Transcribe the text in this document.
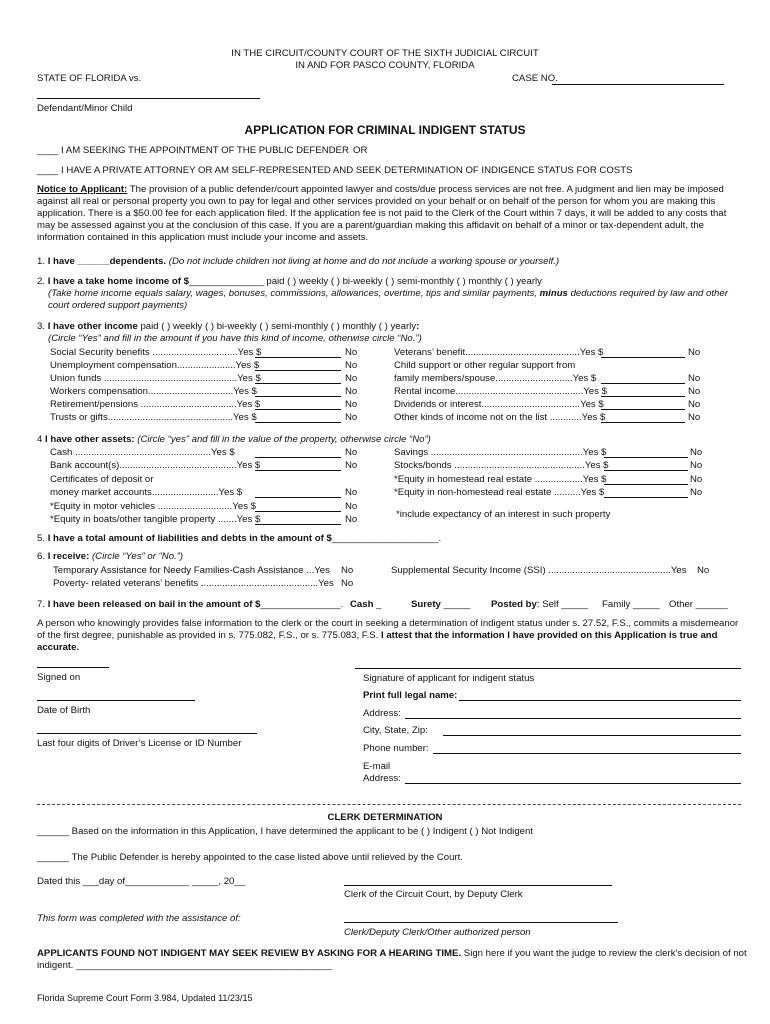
IN THE CIRCUIT/COUNTY COURT OF THE SIXTH JUDICIAL CIRCUIT
IN AND FOR PASCO COUNTY, FLORIDA
STATE OF FLORIDA vs.	CASE NO.
Defendant/Minor Child
APPLICATION FOR CRIMINAL INDIGENT STATUS
____ I AM SEEKING THE APPOINTMENT OF THE PUBLIC DEFENDER OR
____ I HAVE A PRIVATE ATTORNEY OR AM SELF-REPRESENTED AND SEEK DETERMINATION OF INDIGENCE STATUS FOR COSTS
Notice to Applicant: The provision of a public defender/court appointed lawyer and costs/due process services are not free. A judgment and lien may be imposed against all real or personal property you own to pay for legal and other services provided on your behalf or on behalf of the person for whom you are making this application. There is a $50.00 fee for each application filed. If the application fee is not paid to the Clerk of the Court within 7 days, it will be added to any costs that may be assessed against you at the conclusion of this case. If you are a parent/guardian making this affidavit on behalf of a minor or tax-dependent adult, the information contained in this application must include your income and assets.
1. I have ______dependents. (Do not include children not living at home and do not include a working spouse or yourself.)
2. I have a take home income of $______________ paid ( ) weekly ( ) bi-weekly ( ) semi-monthly ( ) monthly ( ) yearly
(Take home income equals salary, wages, bonuses, commissions, allowances, overtime, tips and similar payments, minus deductions required by law and other court ordered support payments)
3. I have other income paid ( ) weekly ( ) bi-weekly ( ) semi-monthly ( ) monthly ( ) yearly:
(Circle “Yes” and fill in the amount if you have this kind of income, otherwise circle “No.”)
Social Security benefits ................................Yes $	No
Unemployment compensation......................Yes $	No
Union funds ..................................................Yes $	No
Workers compensation................................Yes $	No
Retirement/pensions ....................................Yes $	No
Trusts or gifts...............................................Yes $	No
Veterans’ benefit...........................................Yes $	No
Child support or other regular support from
family members/spouse.............................Yes $	No
Rental income................................................Yes $	No
Dividends or interest.....................................Yes $	No
Other kinds of income not on the list ............Yes $	No
4 I have other assets: (Circle “yes” and fill in the value of the property, otherwise circle “No”)
Cash ...................................................Yes $	No
Bank account(s)............................................Yes $	No
Certificates of deposit or
money market accounts.........................Yes $	No
*Equity in motor vehicles ............................Yes $	No
*Equity in boats/other tangible property .......Yes $	No
Savings .........................................................Yes $	No
Stocks/bonds .................................................Yes $	No
*Equity in homestead real estate ..................Yes $	No
*Equity in non-homestead real estate ..........Yes $	No
*include expectancy of an interest in such property
5. I have a total amount of liabilities and debts in the amount of $____________________.
6. I receive: (Circle “Yes” or “No.”)
Temporary Assistance for Needy Families-Cash Assistance ...Yes No
Poverty- related veterans’ benefits ............................................Yes No
Supplemental Security Income (SSI) ..............................................Yes No
7. I have been released on bail in the amount of $_______________. Cash _	Surety _____ Posted by: Self _____ Family _____ Other ______
A person who knowingly provides false information to the clerk or the court in seeking a determination of indigent status under s. 27.52, F.S., commits a misdemeanor of the first degree, punishable as provided in s. 775.082, F.S., or s. 775.083, F.S. I attest that the information I have provided on this Application is true and accurate.
Signed on
Date of Birth
Last four digits of Driver’s License or ID Number
Signature of applicant for indigent status
Print full legal name:
Address:
City, State, Zip:
Phone number:
E-mail
Address:
CLERK DETERMINATION
______ Based on the information in this Application, I have determined the applicant to be ( ) Indigent ( ) Not Indigent
______ The Public Defender is hereby appointed to the case listed above until relieved by the Court.
Dated this ___day of____________ _____, 20__
Clerk of the Circuit Court, by Deputy Clerk
This form was completed with the assistance of:
Clerk/Deputy Clerk/Other authorized person
APPLICANTS FOUND NOT INDIGENT MAY SEEK REVIEW BY ASKING FOR A HEARING TIME. Sign here if you want the judge to review the clerk's decision of not indigent. ________________________________________________
Florida Supreme Court Form 3.984, Updated 11/23/15
